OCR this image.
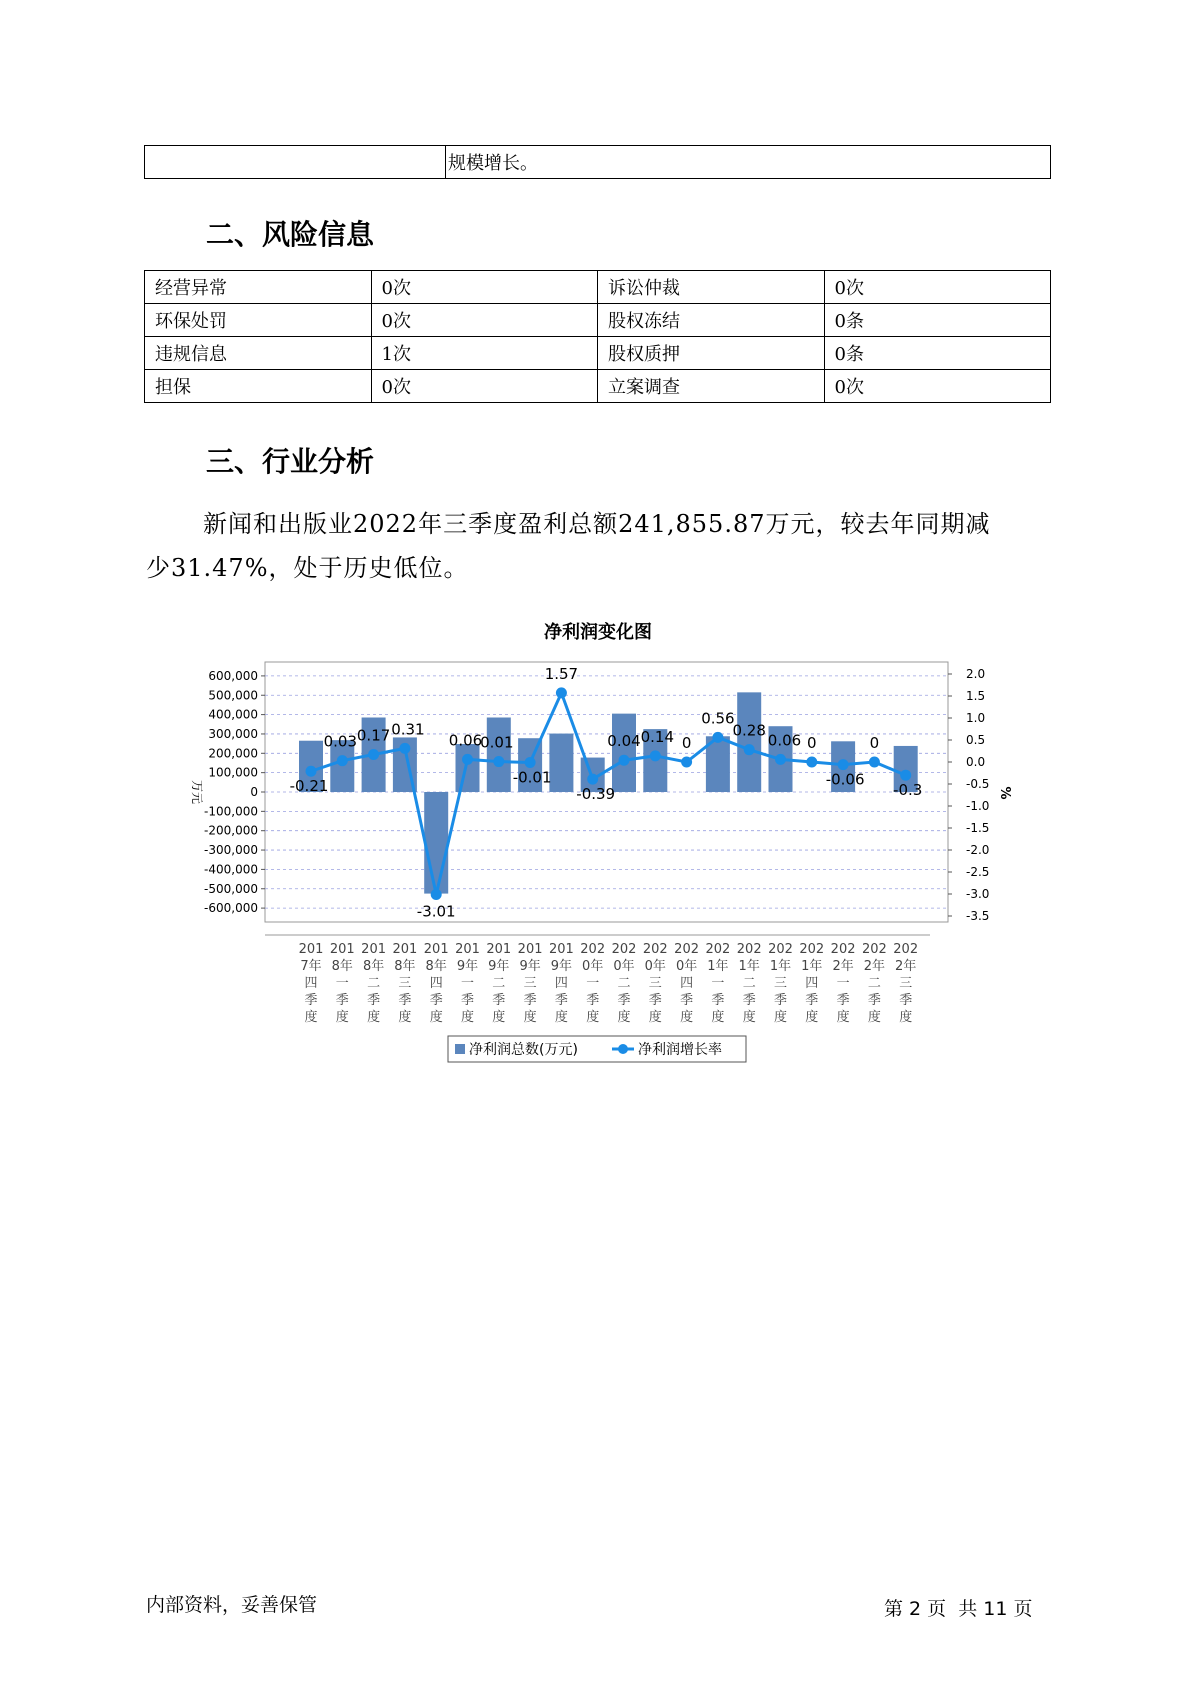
	规模增长。
二、风险信息
经营异常	0次	诉讼仲裁	0次
环保处罚	0次	股权冻结	0条
违规信息	1次	股权质押	0条
担保	0次	立案调查	0次
三、行业分析
新闻和出版业2022年三季度盈利总额241,855.87万元，较去年同期减
少31.47%，处于历史低位。
净利润变化图
600,000
500,000
400,000
300,000
200,000
100,000
0
-100,000
-200,000
-300,000
-400,000
-500,000
-600,000
2.0
1.5
1.0
0.5
0.0
-0.5
-1.0
-1.5
-2.0
-2.5
-3.0
-3.5
万元	%
-0.21
0.03 0.17 0.31
-3.01
0.06
0.01
-0.01
1.57
-0.39
0.04 0.14 0
0.56
0.28
0.06 0
-0.06
0
-0.3
201
7年
四
季
度
201
8年
一
季
度
201
8年
二
季
度
201
8年
三
季
度
201
8年
四
季
度
201
9年
一
季
度
201
9年
二
季
度
201
9年
三
季
度
201
9年
四
季
度
202
0年
一
季
度
202
0年
二
季
度
202
0年
三
季
度
202
0年
四
季
度
202
1年
一
季
度
202
1年
二
季
度
202
1年
三
季
度
202
1年
四
季
度
202
2年
一
季
度
202
2年
二
季
度
202
2年
三
季
度
净利润总数(万元)	净利润增长率
内部资料，妥善保管	第 2 页  共 11 页
